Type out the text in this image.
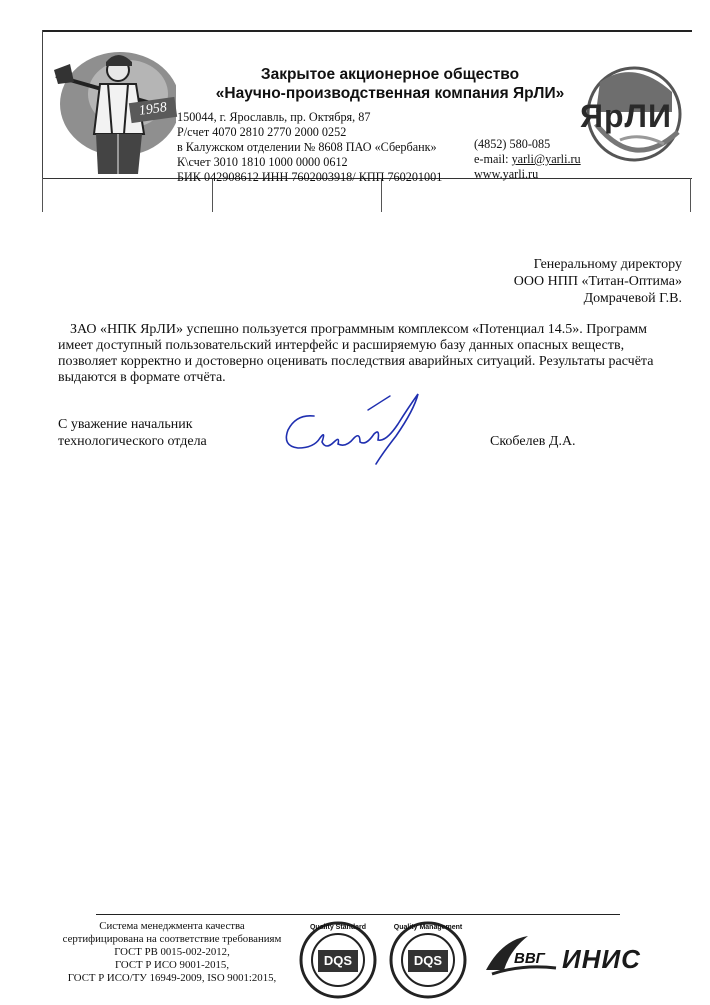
1958
Закрытое акционерное общество
«Научно-производственная компания ЯрЛИ»
150044, г. Ярославль, пр. Октября, 87
Р/счет 4070 2810 2770 2000 0252
в Калужском отделении № 8608 ПАО «Сбербанк»
К\счет 3010 1810 1000 0000 0612
БИК 042908612 ИНН 7602003918/ КПП 760201001
(4852) 580-085
e-mail: yarli@yarli.ru
www.yarli.ru
ЯрЛИ
Генеральному директору
ООО НПП «Титан-Оптима»
Домрачевой Г.В.
ЗАО «НПК ЯрЛИ» успешно пользуется программным комплексом «Потенциал 14.5». Программ
имеет доступный пользовательский интерфейс и расширяемую базу данных опасных веществ,
позволяет корректно и достоверно оценивать последствия аварийных ситуаций. Результаты расчёта
выдаются в формате отчёта.
С уважение начальник
технологического отдела	Скобелев Д.А.
Система менеджмента качества
сертифицирована на соответствие требованиям
ГОСТ РВ 0015-002-2012,
ГОСТ Р ИСО 9001-2015,
ГОСТ Р ИСО/ТУ 16949-2009, ISO 9001:2015,
Quality Standard
DQS
Quality Management
DQS	ВВГ ИНИС
